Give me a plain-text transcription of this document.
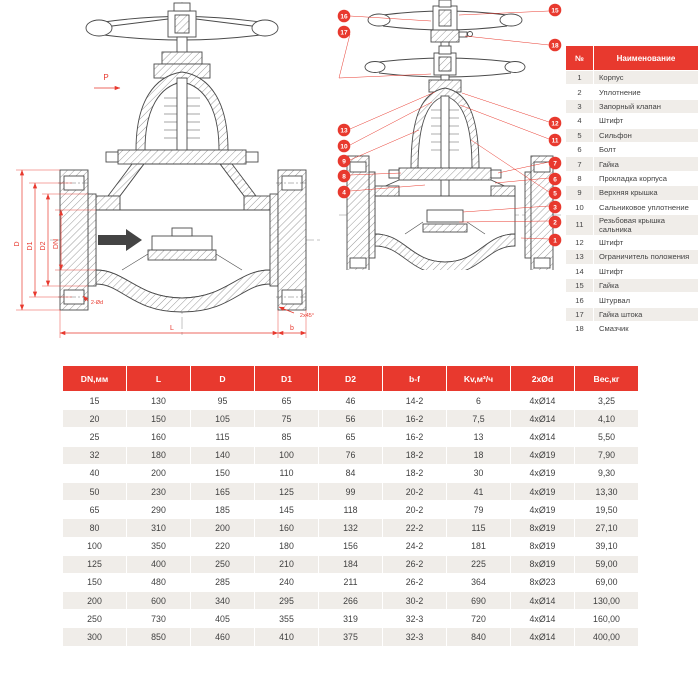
D D1 D2 DN
L	b
2-Ød
2x45°
P
16
17
15
18
13
10
9
8
4
12
11
7
6
5
3
2
1
№	Наименование
1	Корпус
2	Уплотнение
3	Запорный клапан
4	Штифт
5	Сильфон
6	Болт
7	Гайка
8	Прокладка корпуса
9	Верхняя крышка
10	Сальниковое уплотнение
11	Резьбовая крышка сальника
12	Штифт
13	Ограничитель положения
14	Штифт
15	Гайка
16	Штурвал
17	Гайка штока
18	Смазчик
DN,мм	L	D	D1	D2	b-f	Kv,м³/ч	2xØd	Вес,кг
15	130	95	65	46	14-2	6	4xØ14	3,25
20	150	105	75	56	16-2	7,5	4xØ14	4,10
25	160	115	85	65	16-2	13	4xØ14	5,50
32	180	140	100	76	18-2	18	4xØ19	7,90
40	200	150	110	84	18-2	30	4xØ19	9,30
50	230	165	125	99	20-2	41	4xØ19	13,30
65	290	185	145	118	20-2	79	4xØ19	19,50
80	310	200	160	132	22-2	115	8xØ19	27,10
100	350	220	180	156	24-2	181	8xØ19	39,10
125	400	250	210	184	26-2	225	8xØ19	59,00
150	480	285	240	211	26-2	364	8xØ23	69,00
200	600	340	295	266	30-2	690	4xØ14	130,00
250	730	405	355	319	32-3	720	4xØ14	160,00
300	850	460	410	375	32-3	840	4xØ14	400,00
